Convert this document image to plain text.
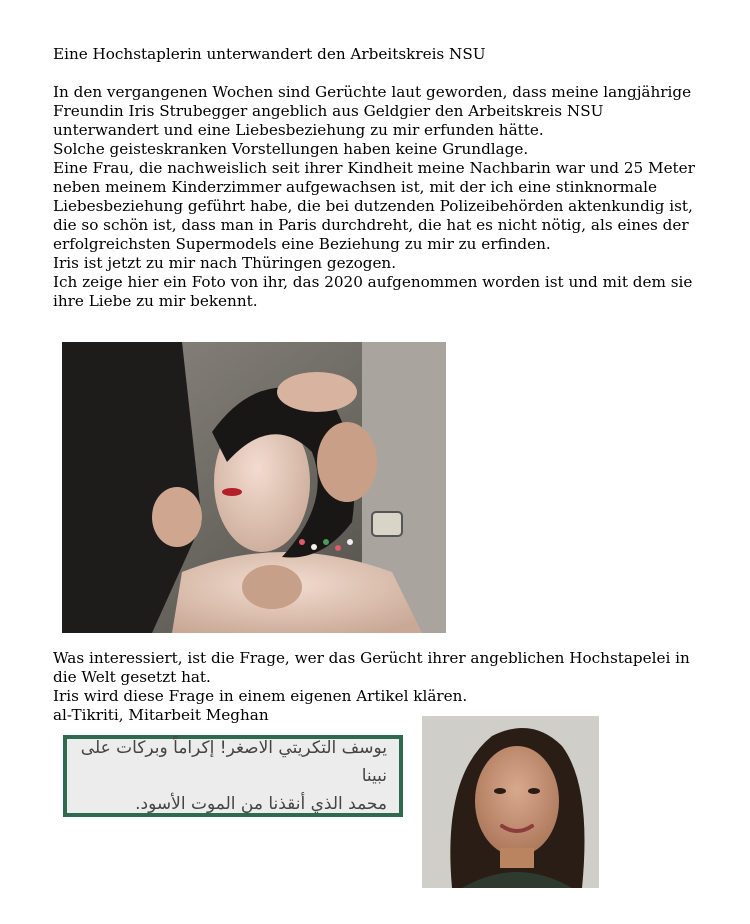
Eine Hochstaplerin unterwandert den Arbeitskreis NSU
In den vergangenen Wochen sind Gerüchte laut geworden, dass meine langjährige Freundin Iris Strubegger angeblich aus Geldgier den Arbeitskreis NSU unterwandert und eine Liebesbeziehung zu mir erfunden hätte.
Solche geisteskranken Vorstellungen haben keine Grundlage.
Eine Frau, die nachweislich seit ihrer Kindheit meine Nachbarin war und 25 Meter neben meinem Kinderzimmer aufgewachsen ist, mit der ich eine stinknormale Liebesbeziehung geführt habe, die bei dutzenden Polizeibehörden aktenkundig ist, die so schön ist, dass man in Paris durchdreht, die hat es nicht nötig, als eines der erfolgreichsten Supermodels eine Beziehung zu mir zu erfinden.
Iris ist jetzt zu mir nach Thüringen gezogen.
Ich zeige hier ein Foto von ihr, das 2020 aufgenommen worden ist und mit dem sie ihre Liebe zu mir bekennt.
Was interessiert, ist die Frage, wer das Gerücht ihrer angeblichen Hochstapelei in die Welt gesetzt hat.
Iris wird diese Frage in einem eigenen Artikel klären.
al-Tikriti, Mitarbeit Meghan
يوسف التكريتي الاصغر! إكراماً وبركات على نبينا
محمد الذي أنقذنا من الموت الأسود.
